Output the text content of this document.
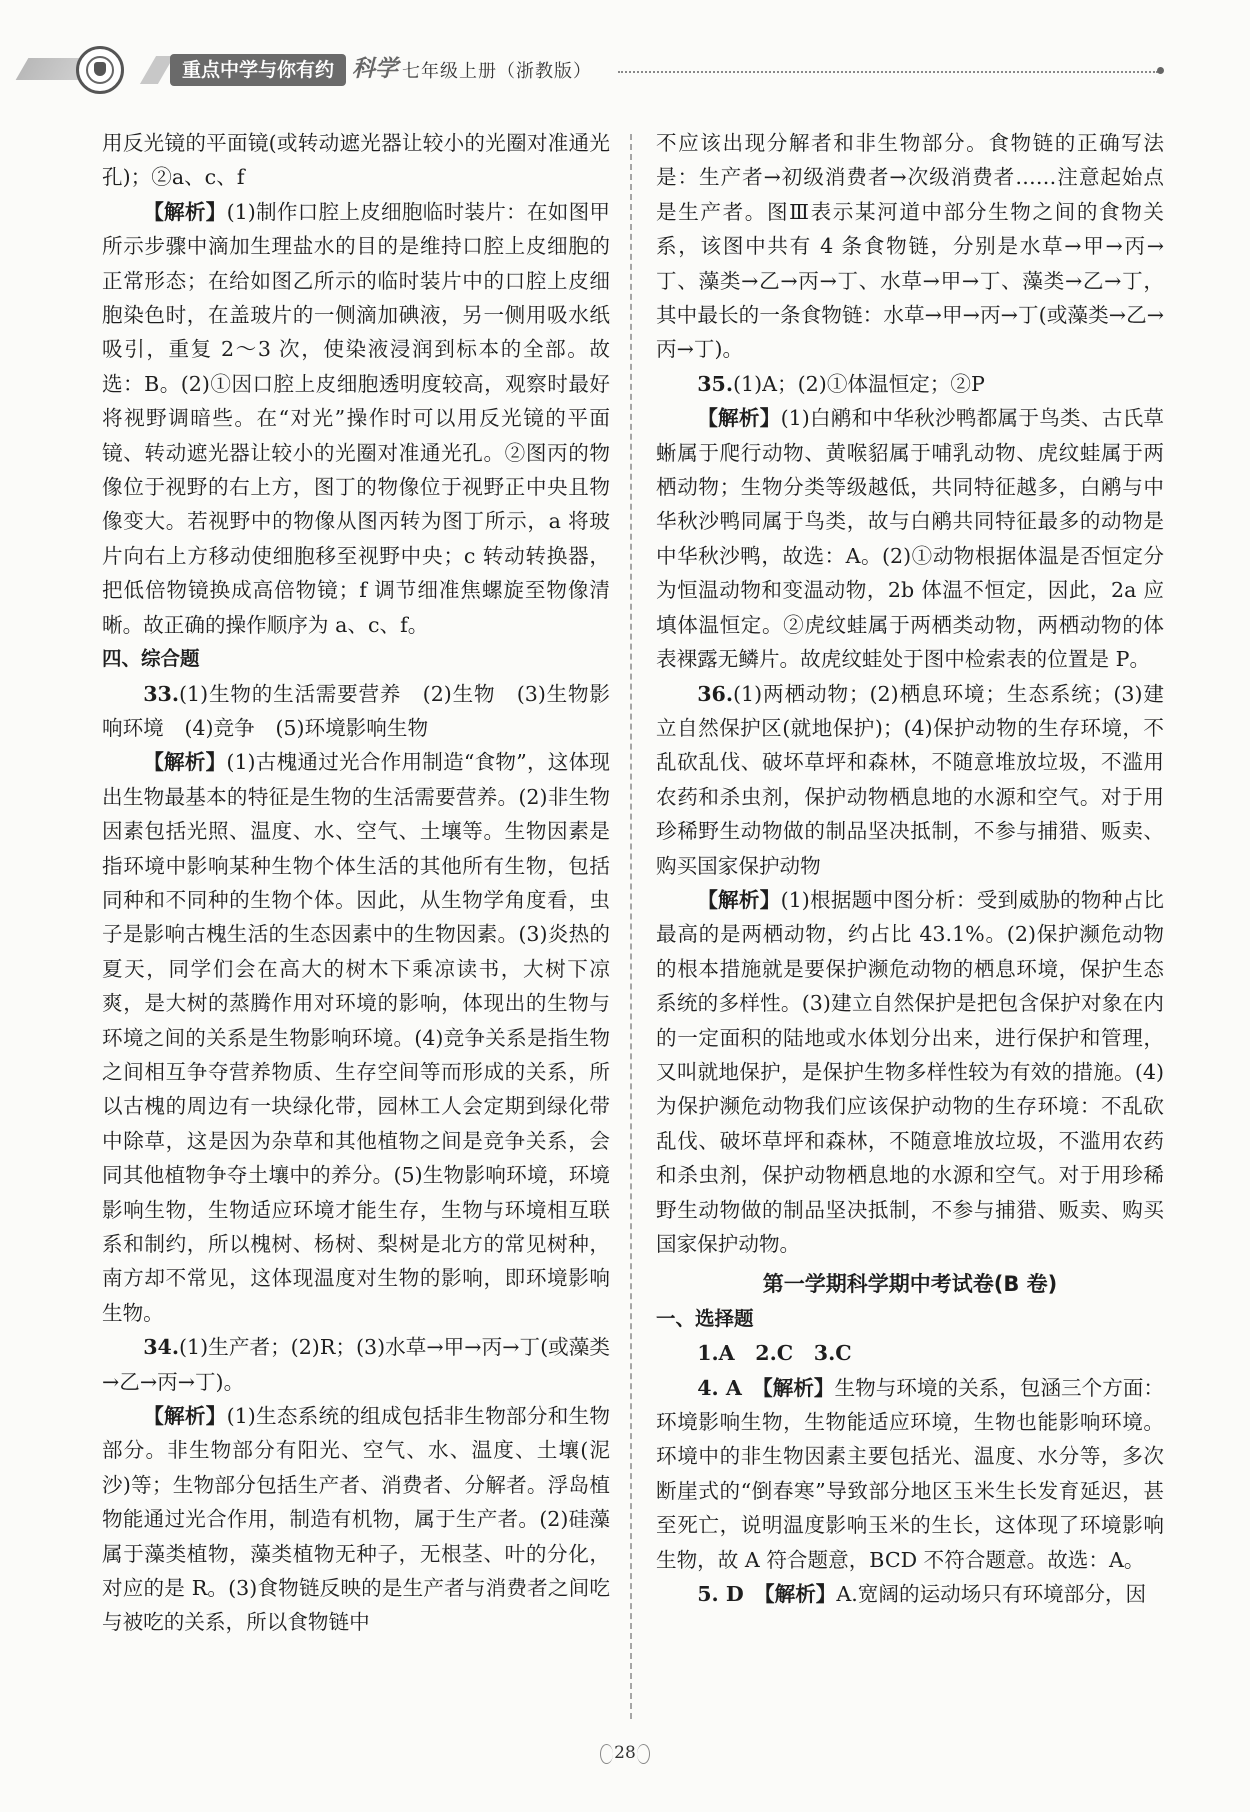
重点中学与你有约 科学 七年级上册（浙教版）

用反光镜的平面镜(或转动遮光器让较小的光圈对准通光孔)；②a、c、f

【解析】(1)制作口腔上皮细胞临时装片：在如图甲所示步骤中滴加生理盐水的目的是维持口腔上皮细胞的正常形态；在给如图乙所示的临时装片中的口腔上皮细胞染色时，在盖玻片的一侧滴加碘液，另一侧用吸水纸吸引，重复 2～3 次，使染液浸润到标本的全部。故选：B。(2)①因口腔上皮细胞透明度较高，观察时最好将视野调暗些。在“对光”操作时可以用反光镜的平面镜、转动遮光器让较小的光圈对准通光孔。②图丙的物像位于视野的右上方，图丁的物像位于视野正中央且物像变大。若视野中的物像从图丙转为图丁所示，a 将玻片向右上方移动使细胞移至视野中央；c 转动转换器，把低倍物镜换成高倍物镜；f 调节细准焦螺旋至物像清晰。故正确的操作顺序为 a、c、f。

四、综合题

33.(1)生物的生活需要营养　(2)生物　(3)生物影响环境　(4)竞争　(5)环境影响生物

【解析】(1)古槐通过光合作用制造“食物”，这体现出生物最基本的特征是生物的生活需要营养。(2)非生物因素包括光照、温度、水、空气、土壤等。生物因素是指环境中影响某种生物个体生活的其他所有生物，包括同种和不同种的生物个体。因此，从生物学角度看，虫子是影响古槐生活的生态因素中的生物因素。(3)炎热的夏天，同学们会在高大的树木下乘凉读书，大树下凉爽，是大树的蒸腾作用对环境的影响，体现出的生物与环境之间的关系是生物影响环境。(4)竞争关系是指生物之间相互争夺营养物质、生存空间等而形成的关系，所以古槐的周边有一块绿化带，园林工人会定期到绿化带中除草，这是因为杂草和其他植物之间是竞争关系，会同其他植物争夺土壤中的养分。(5)生物影响环境，环境影响生物，生物适应环境才能生存，生物与环境相互联系和制约，所以槐树、杨树、梨树是北方的常见树种，南方却不常见，这体现温度对生物的影响，即环境影响生物。

34.(1)生产者；(2)R；(3)水草→甲→丙→丁(或藻类→乙→丙→丁)。

【解析】(1)生态系统的组成包括非生物部分和生物部分。非生物部分有阳光、空气、水、温度、土壤(泥沙)等；生物部分包括生产者、消费者、分解者。浮岛植物能通过光合作用，制造有机物，属于生产者。(2)硅藻属于藻类植物，藻类植物无种子，无根茎、叶的分化，对应的是 R。(3)食物链反映的是生产者与消费者之间吃与被吃的关系，所以食物链中

不应该出现分解者和非生物部分。食物链的正确写法是：生产者→初级消费者→次级消费者……注意起始点是生产者。图Ⅲ表示某河道中部分生物之间的食物关系，该图中共有 4 条食物链，分别是水草→甲→丙→丁、藻类→乙→丙→丁、水草→甲→丁、藻类→乙→丁，其中最长的一条食物链：水草→甲→丙→丁(或藻类→乙→丙→丁)。

35.(1)A；(2)①体温恒定；②P

【解析】(1)白鹇和中华秋沙鸭都属于鸟类、古氏草蜥属于爬行动物、黄喉貂属于哺乳动物、虎纹蛙属于两栖动物；生物分类等级越低，共同特征越多，白鹇与中华秋沙鸭同属于鸟类，故与白鹇共同特征最多的动物是中华秋沙鸭，故选：A。(2)①动物根据体温是否恒定分为恒温动物和变温动物，2b 体温不恒定，因此，2a 应填体温恒定。②虎纹蛙属于两栖类动物，两栖动物的体表裸露无鳞片。故虎纹蛙处于图中检索表的位置是 P。

36.(1)两栖动物；(2)栖息环境；生态系统；(3)建立自然保护区(就地保护)；(4)保护动物的生存环境，不乱砍乱伐、破坏草坪和森林，不随意堆放垃圾，不滥用农药和杀虫剂，保护动物栖息地的水源和空气。对于用珍稀野生动物做的制品坚决抵制，不参与捕猎、贩卖、购买国家保护动物

【解析】(1)根据题中图分析：受到威胁的物种占比最高的是两栖动物，约占比 43.1%。(2)保护濒危动物的根本措施就是要保护濒危动物的栖息环境，保护生态系统的多样性。(3)建立自然保护是把包含保护对象在内的一定面积的陆地或水体划分出来，进行保护和管理，又叫就地保护，是保护生物多样性较为有效的措施。(4)为保护濒危动物我们应该保护动物的生存环境：不乱砍乱伐、破坏草坪和森林，不随意堆放垃圾，不滥用农药和杀虫剂，保护动物栖息地的水源和空气。对于用珍稀野生动物做的制品坚决抵制，不参与捕猎、贩卖、购买国家保护动物。

第一学期科学期中考试卷(B 卷)

一、选择题

1.A　2.C　3.C

4. A　 【解析】生物与环境的关系，包涵三个方面：环境影响生物，生物能适应环境，生物也能影响环境。环境中的非生物因素主要包括光、温度、水分等，多次断崖式的“倒春寒”导致部分地区玉米生长发育延迟，甚至死亡，说明温度影响玉米的生长，这体现了环境影响生物，故 A 符合题意，BCD 不符合题意。故选：A。

5. D　 【解析】A.宽阔的运动场只有环境部分，因

28
